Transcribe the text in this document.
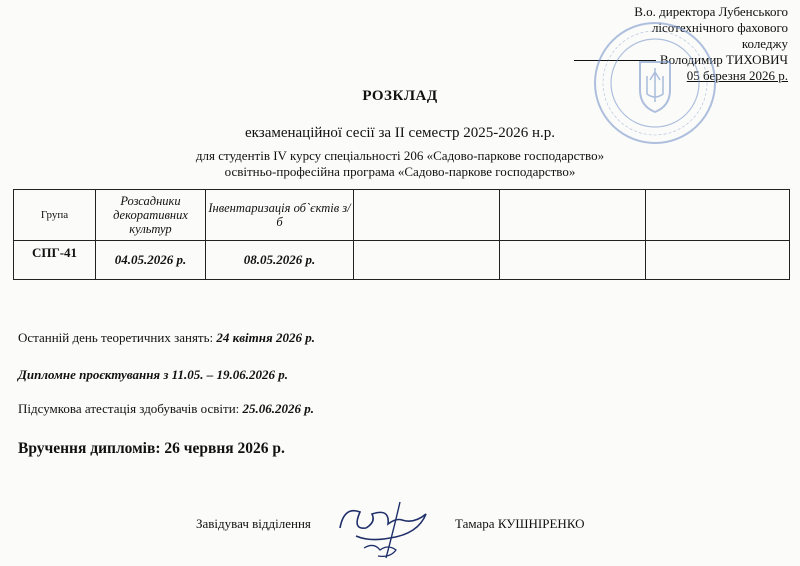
В.о. директора Лубенського
лісотехнічного фахового
коледжу
Володимир ТИХОВИЧ
05 березня 2026 р.
РОЗКЛАД
екзаменаційної сесії за II семестр 2025-2026 н.р.
для студентів IV курсу спеціальності 206 «Садово-паркове господарство»
освітньо-професійна програма «Садово-паркове господарство»
Група	Розсадники декоративних культур	Інвентаризація об`єктів з/б			
СПГ-41	04.05.2026 р.	08.05.2026 р.			
Останній день теоретичних занять: 24 квітня 2026 р.
Дипломне проєктування з 11.05. – 19.06.2026 р.
Підсумкова атестація здобувачів освіти: 25.06.2026 р.
Вручення дипломів: 26 червня 2026 р.
Завідувач відділення	Тамара КУШНІРЕНКО
